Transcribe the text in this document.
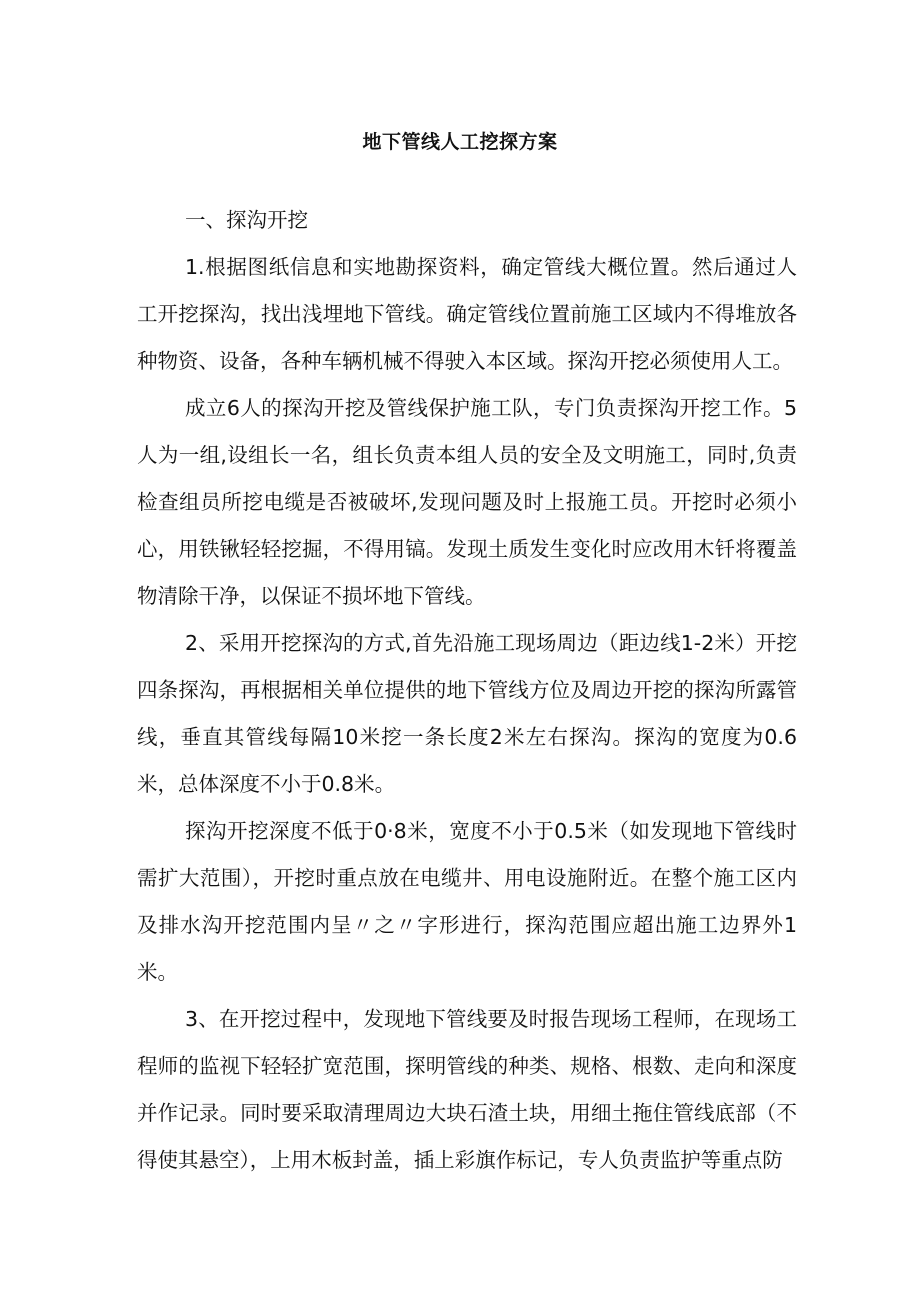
地下管线人工挖探方案

一、探沟开挖

1.根据图纸信息和实地勘探资料，确定管线大概位置。然后通过人工开挖探沟，找出浅埋地下管线。确定管线位置前施工区域内不得堆放各种物资、设备，各种车辆机械不得驶入本区域。探沟开挖必须使用人工。

成立6人的探沟开挖及管线保护施工队，专门负责探沟开挖工作。5人为一组,设组长一名，组长负责本组人员的安全及文明施工，同时,负责检查组员所挖电缆是否被破坏,发现问题及时上报施工员。开挖时必须小心，用铁锹轻轻挖掘，不得用镐。发现土质发生变化时应改用木钎将覆盖物清除干净，以保证不损坏地下管线。

2、采用开挖探沟的方式,首先沿施工现场周边（距边线1-2米）开挖四条探沟，再根据相关单位提供的地下管线方位及周边开挖的探沟所露管线，垂直其管线每隔10米挖一条长度2米左右探沟。探沟的宽度为0.6米，总体深度不小于0.8米。

探沟开挖深度不低于0·8米，宽度不小于0.5米（如发现地下管线时需扩大范围），开挖时重点放在电缆井、用电设施附近。在整个施工区内及排水沟开挖范围内呈〃之〃字形进行，探沟范围应超出施工边界外1米。

3、在开挖过程中，发现地下管线要及时报告现场工程师，在现场工程师的监视下轻轻扩宽范围，探明管线的种类、规格、根数、走向和深度并作记录。同时要采取清理周边大块石渣土块，用细土拖住管线底部（不得使其悬空），上用木板封盖，插上彩旗作标记，专人负责监护等重点防
